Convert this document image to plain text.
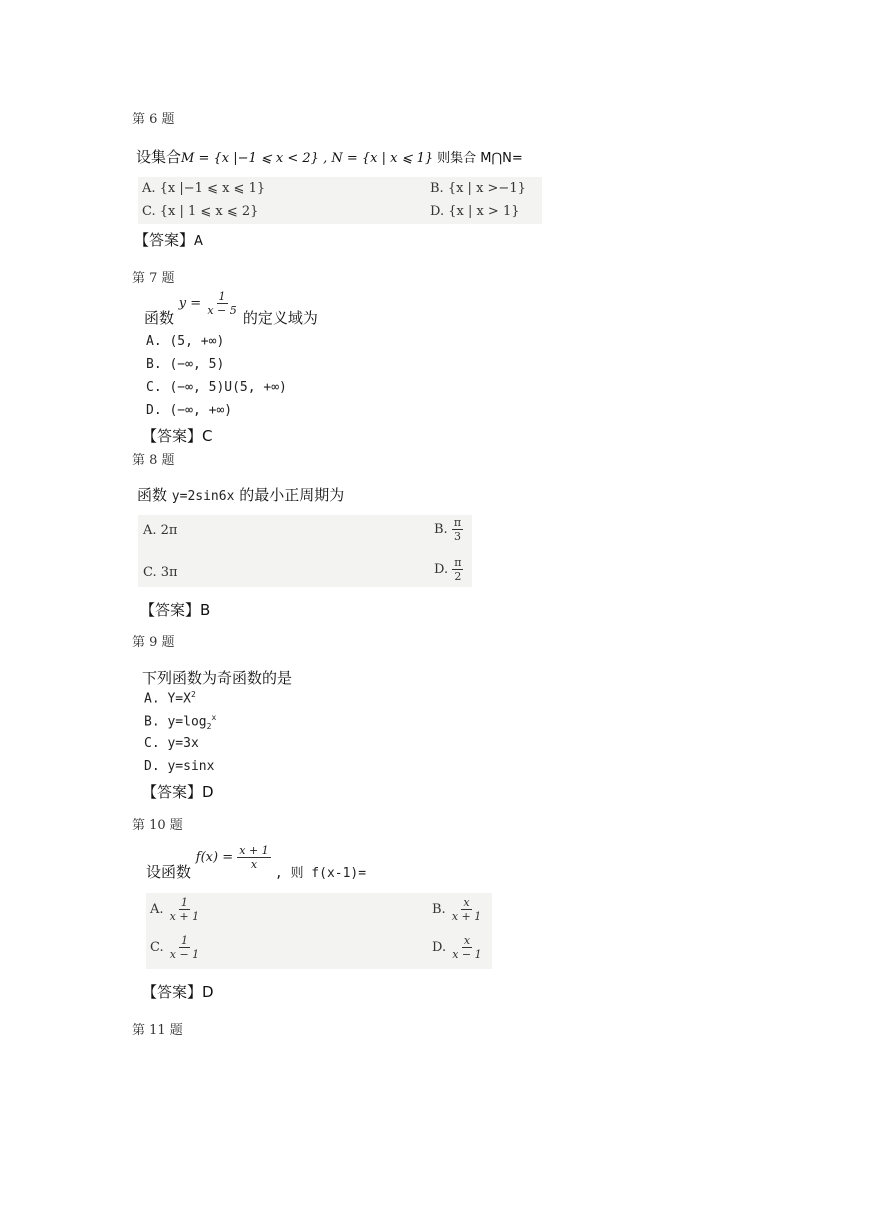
第 6 题
设集合M = {x |−1 ⩽ x < 2} , N = {x | x ⩽ 1} 则集合 M⋂N=
A. {x |−1 ⩽ x ⩽ 1}	B. {x | x >−1}
C. {x | 1 ⩽ x ⩽ 2}	D. {x | x > 1}
【答案】A
第 7 题
函数 $y = \frac{1}{x - 5}$
的定义域为
A. (5, +∞)
B. (−∞, 5)
C. (−∞, 5)U(5, +∞)
D. (−∞, +∞)
【答案】C
第 8 题
函数 y=2sin6x 的最小正周期为
A. 2π	B. $\frac{\pi}{3}$
C. 3π	D. $\frac{\pi}{2}$
【答案】B
第 9 题
下列函数为奇函数的是
A. $Y=X^2$
B. $y=\log_2^x$
C. y=3x
D. y=sinx
【答案】D
第 10 题
设函数 $f(x) = \frac{x + 1}{x}$
, 则 f(x-1)=
A. $\frac{1}{x + 1}$	B. $\frac{x}{x + 1}$
C. $\frac{1}{x - 1}$	D. $\frac{x}{x - 1}$
【答案】D
第 11 题
